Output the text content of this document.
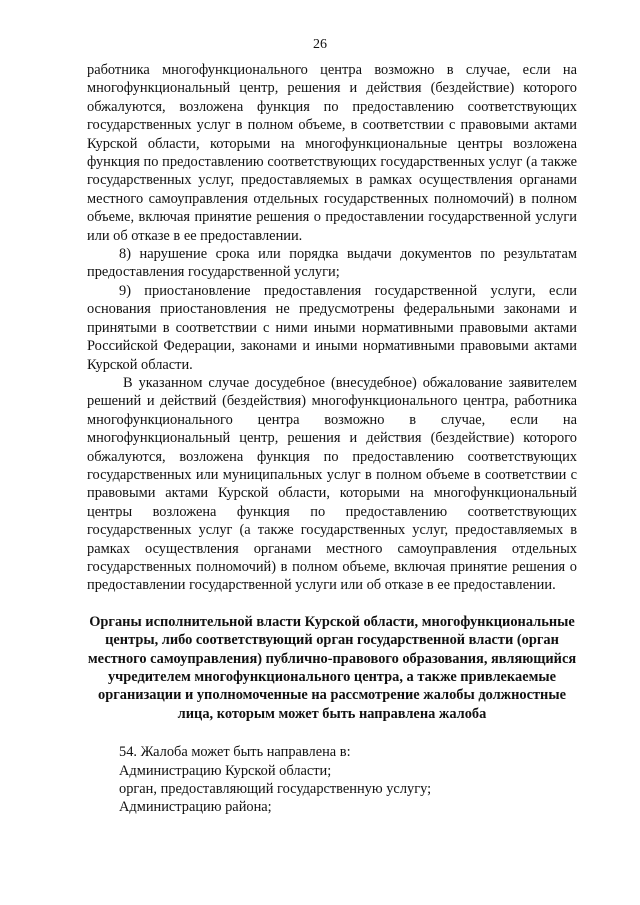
26

работника многофункционального центра возможно в случае, если на многофункциональный центр, решения и действия (бездействие) которого обжалуются, возложена функция по предоставлению соответствующих государственных услуг в полном объеме, в соответствии с правовыми актами Курской области, которыми на многофункциональные центры возложена функция по предоставлению соответствующих государственных услуг (а также государственных услуг, предоставляемых в рамках осуществления органами местного самоуправления отдельных государственных полномочий) в полном объеме, включая принятие решения о предоставлении государственной услуги или об отказе в ее предоставлении.

8) нарушение срока или порядка выдачи документов по результатам предоставления государственной услуги;

9) приостановление предоставления государственной услуги, если основания приостановления не предусмотрены федеральными законами и принятыми в соответствии с ними иными нормативными правовыми актами Российской Федерации, законами и иными нормативными правовыми актами Курской области.

В указанном случае досудебное (внесудебное) обжалование заявителем решений и действий (бездействия) многофункционального центра, работника многофункционального центра возможно в случае, если на многофункциональный центр, решения и действия (бездействие) которого обжалуются, возложена функция по предоставлению соответствующих государственных или муниципальных услуг в полном объеме в соответствии с правовыми актами Курской области, которыми на многофункциональный центры возложена функция по предоставлению соответствующих государственных услуг (а также государственных услуг, предоставляемых в рамках осуществления органами местного самоуправления отдельных государственных полномочий) в полном объеме, включая принятие решения о предоставлении государственной услуги или об отказе в ее предоставлении.

Органы исполнительной власти Курской области, многофункциональные центры, либо соответствующий орган государственной власти (орган местного самоуправления) публично-правового образования, являющийся учредителем многофункционального центра, а также привлекаемые организации и уполномоченные на рассмотрение жалобы должностные лица, которым может быть направлена жалоба

54. Жалоба может быть направлена в:

Администрацию Курской области;

орган, предоставляющий государственную услугу;

Администрацию района;
